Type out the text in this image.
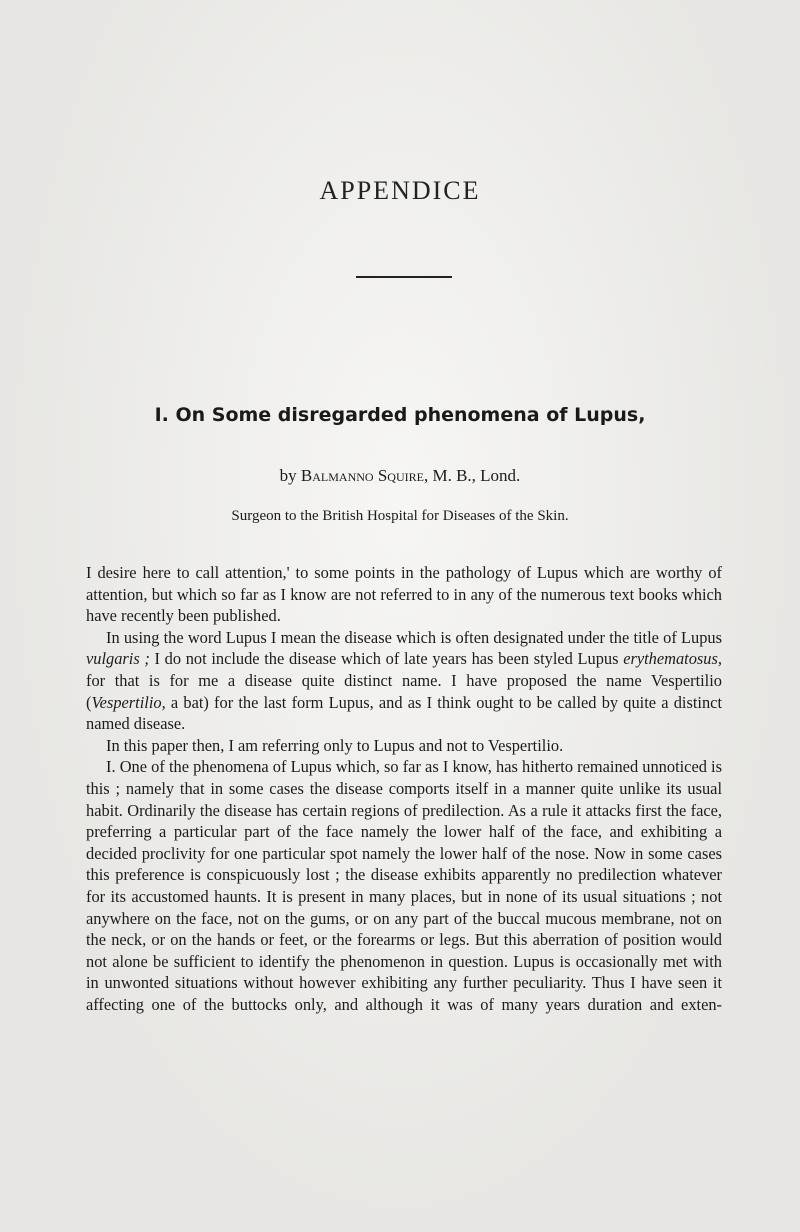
APPENDICE
I. On Some disregarded phenomena of Lupus,
by Balmanno Squire, M. B., Lond.
Surgeon to the British Hospital for Diseases of the Skin.

I desire here to call attention,' to some points in the pathology of Lupus which are worthy of attention, but which so far as I know are not referred to in any of the numerous text books which have recently been published.

In using the word Lupus I mean the disease which is often designated under the title of Lupus vulgaris ; I do not include the disease which of late years has been styled Lupus erythematosus, for that is for me a disease quite distinct name. I have proposed the name Vespertilio (Vespertilio, a bat) for the last form Lupus, and as I think ought to be called by quite a distinct named disease.

In this paper then, I am referring only to Lupus and not to Vespertilio.

I. One of the phenomena of Lupus which, so far as I know, has hitherto remained unnoticed is this ; namely that in some cases the disease comports itself in a manner quite unlike its usual habit. Ordinarily the disease has certain regions of predilection. As a rule it attacks first the face, preferring a particular part of the face namely the lower half of the face, and exhibiting a decided proclivity for one particular spot namely the lower half of the nose. Now in some cases this preference is conspicuously lost ; the disease exhibits apparently no predilection whatever for its accustomed haunts. It is present in many places, but in none of its usual situations ; not anywhere on the face, not on the gums, or on any part of the buccal mucous membrane, not on the neck, or on the hands or feet, or the forearms or legs. But this aberration of position would not alone be sufficient to identify the phenomenon in question. Lupus is occasionally met with in unwonted situations without however exhibiting any further peculiarity. Thus I have seen it affecting one of the buttocks only, and although it was of many years duration and exten-
